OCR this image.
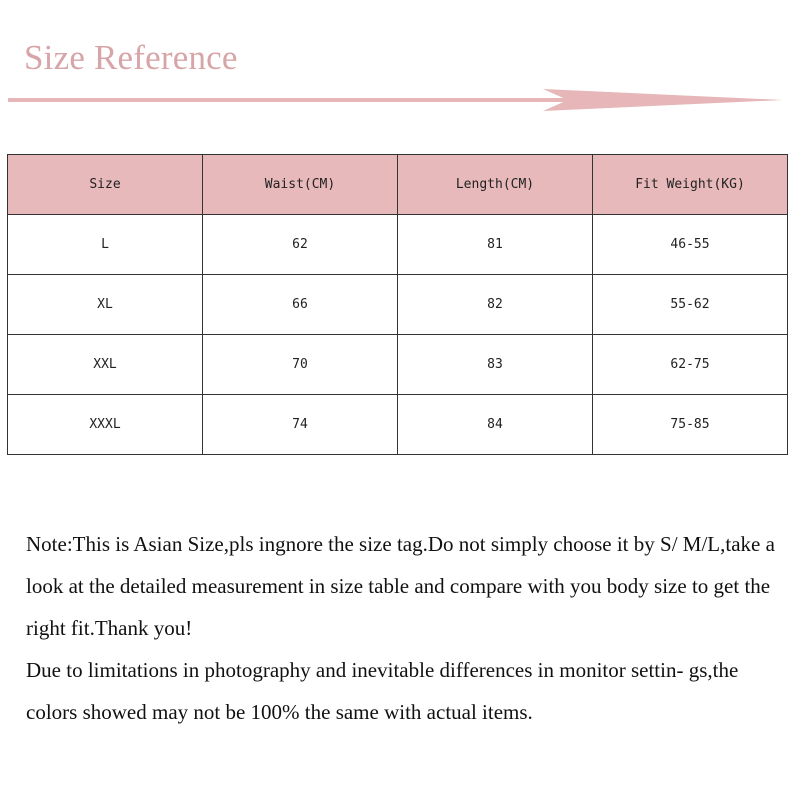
Size Reference
Size	Waist(CM)	Length(CM)	Fit Weight(KG)
L	62	81	46-55
XL	66	82	55-62
XXL	70	83	62-75
XXXL	74	84	75-85

Note:This is Asian Size,pls ingnore the size tag.Do not simply choose it by S/ M/L,take a look at the detailed measurement in size table and compare with you body size to get the right fit.Thank you!

Due to limitations in photography and inevitable differences in monitor settin- gs,the colors showed may not be 100% the same with actual items.
